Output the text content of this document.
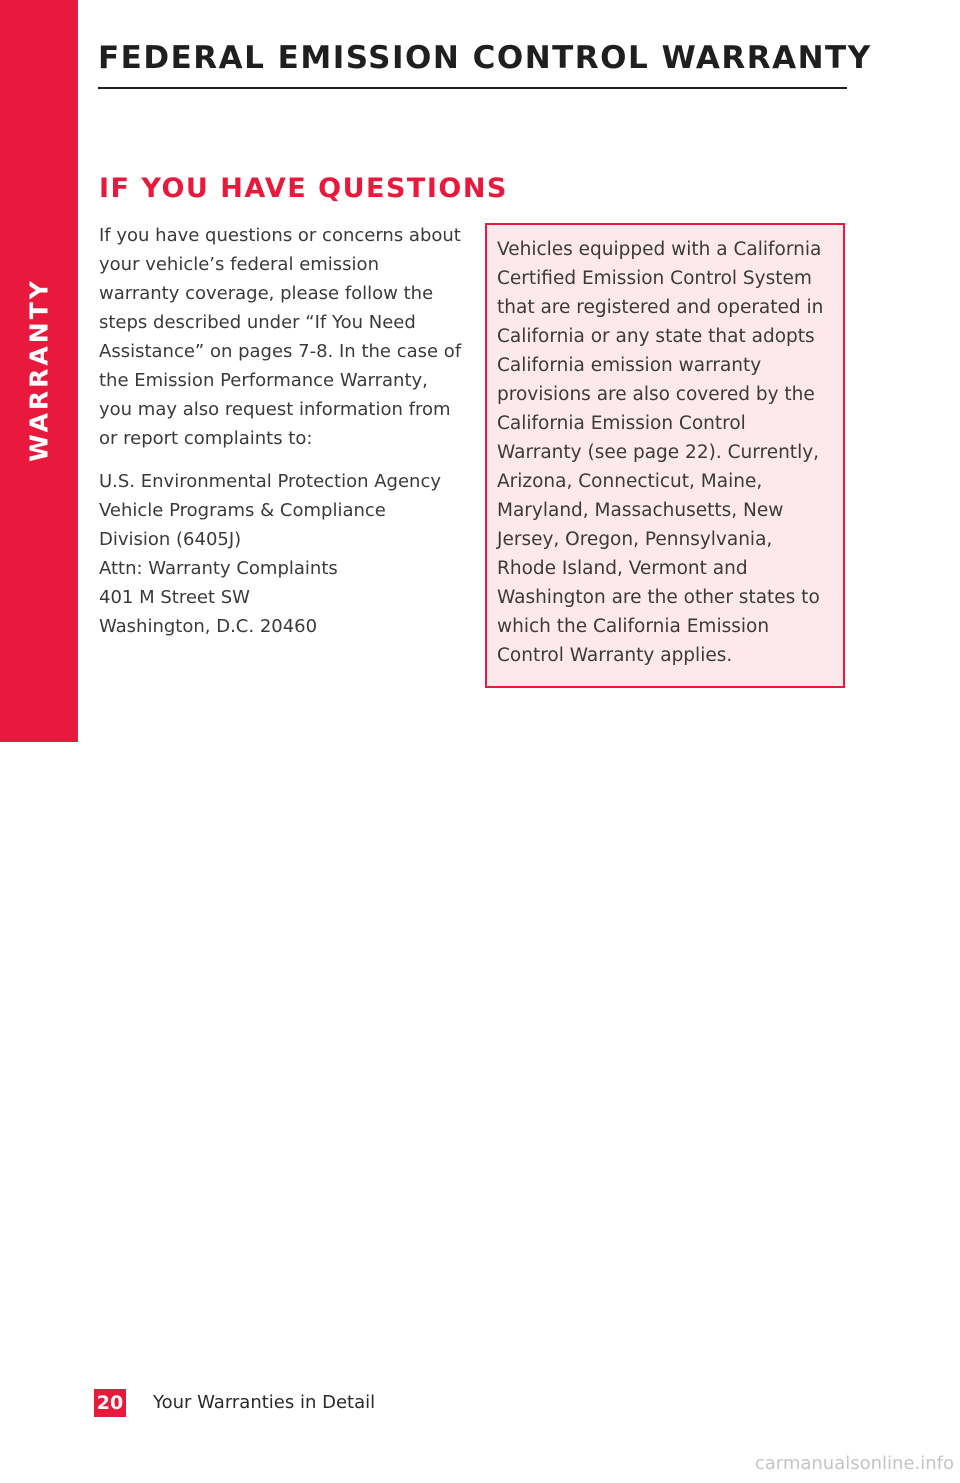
WARRANTY
FEDERAL EMISSION CONTROL WARRANTY
IF YOU HAVE QUESTIONS

If you have questions or concerns about your vehicle’s federal emission warranty coverage, please follow the steps described under “If You Need Assistance” on pages 7-8. In the case of the Emission Performance Warranty, you may also request information from or report complaints to:

U.S. Environmental Protection Agency
Vehicle Programs & Compliance
Division (6405J)
Attn: Warranty Complaints
401 M Street SW
Washington, D.C. 20460

Vehicles equipped with a California Certified Emission Control System that are registered and operated in California or any state that adopts California emission warranty provisions are also covered by the California Emission Control Warranty (see page 22). Currently, Arizona, Connecticut, Maine, Maryland, Massachusetts, New Jersey, Oregon, Pennsylvania, Rhode Island, Vermont and Washington are the other states to which the California Emission Control Warranty applies.

20 Your Warranties in Detail
carmanualsonline.info
